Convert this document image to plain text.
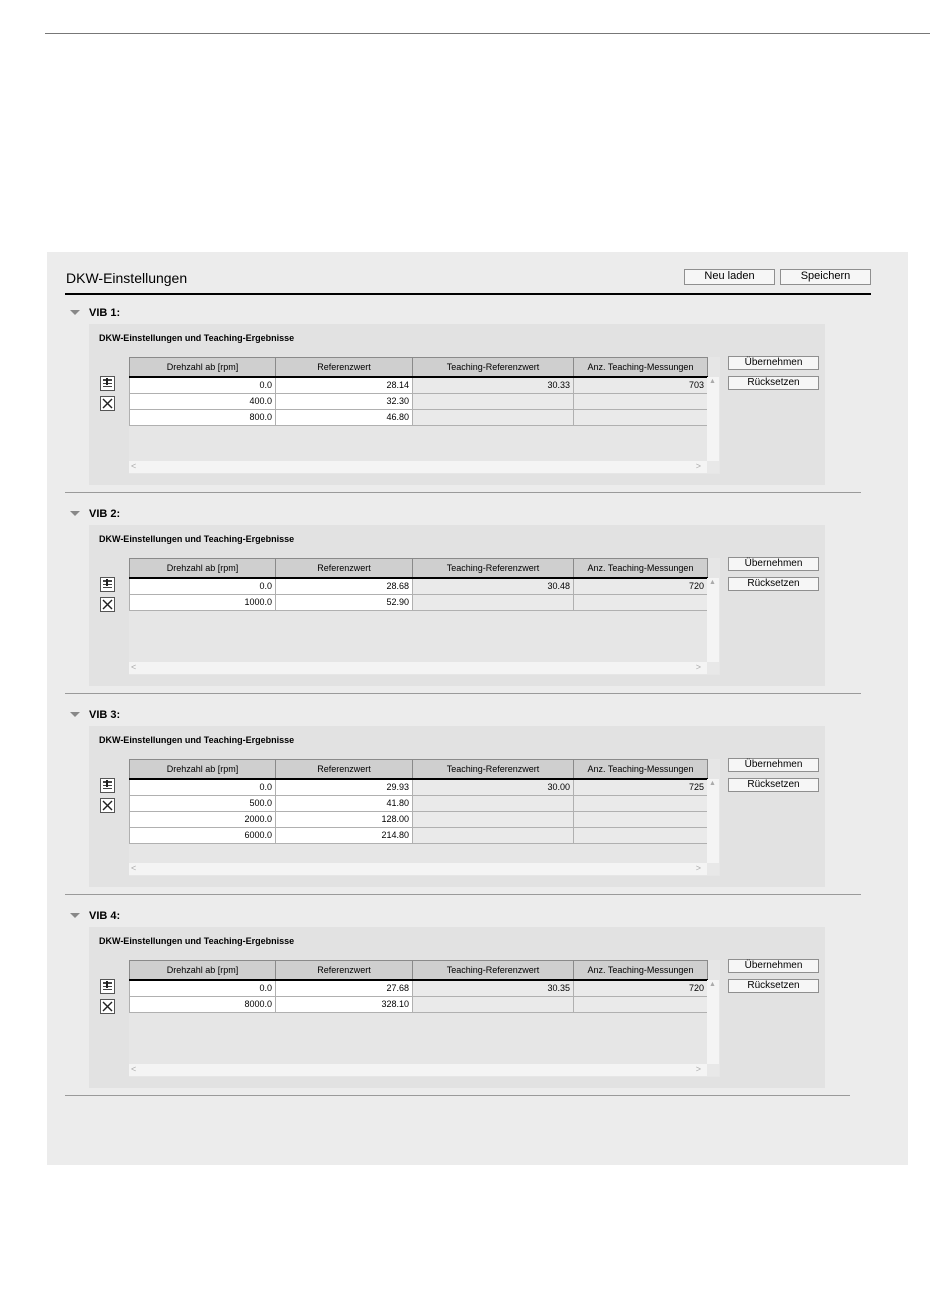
DKW-Einstellungen	Neu laden	Speichern
VIB 1:
DKW-Einstellungen und Teaching-Ergebnisse
Drehzahl ab [rpm]	Referenzwert	Teaching-Referenzwert	Anz. Teaching-Messungen
0.0	28.14	30.33	703
400.0	32.30		
800.0	46.80		
▲
<	>
Übernehmen
Rücksetzen
VIB 2:
DKW-Einstellungen und Teaching-Ergebnisse
Drehzahl ab [rpm]	Referenzwert	Teaching-Referenzwert	Anz. Teaching-Messungen
0.0	28.68	30.48	720
1000.0	52.90		
▲
<	>
Übernehmen
Rücksetzen
VIB 3:
DKW-Einstellungen und Teaching-Ergebnisse
Drehzahl ab [rpm]	Referenzwert	Teaching-Referenzwert	Anz. Teaching-Messungen
0.0	29.93	30.00	725
500.0	41.80		
2000.0	128.00		
6000.0	214.80		
▲
<	>
Übernehmen
Rücksetzen
VIB 4:
DKW-Einstellungen und Teaching-Ergebnisse
Drehzahl ab [rpm]	Referenzwert	Teaching-Referenzwert	Anz. Teaching-Messungen
0.0	27.68	30.35	720
8000.0	328.10		
▲
<	>
Übernehmen
Rücksetzen
